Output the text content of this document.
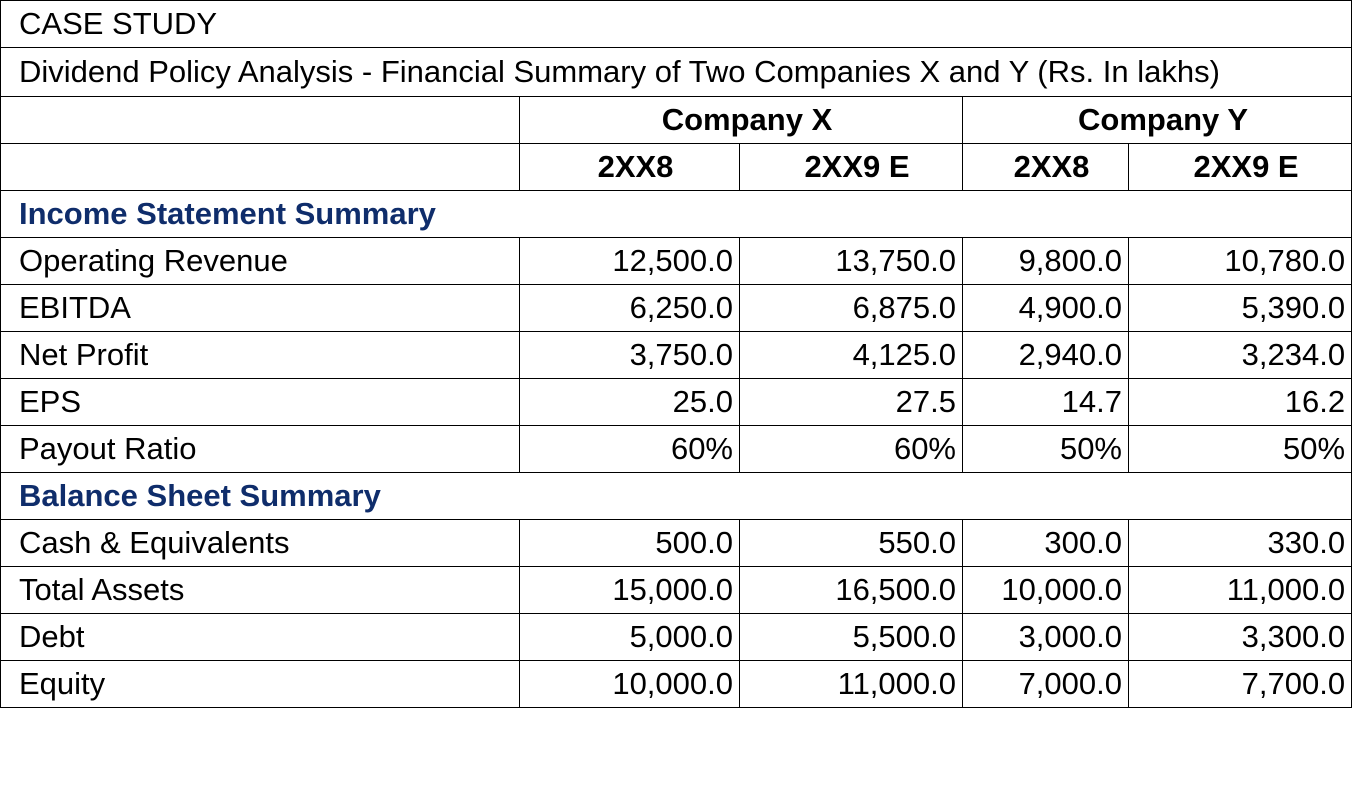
CASE STUDY				
Dividend Policy Analysis - Financial Summary of Two Companies X and Y (Rs. In lakhs)				
	Company X		Company Y	
	2XX8	2XX9 E	2XX8	2XX9 E
Income Statement Summary				
Operating Revenue	12,500.0	13,750.0	9,800.0	10,780.0
EBITDA	6,250.0	6,875.0	4,900.0	5,390.0
Net Profit	3,750.0	4,125.0	2,940.0	3,234.0
EPS	25.0	27.5	14.7	16.2
Payout Ratio	60%	60%	50%	50%
Balance Sheet Summary				
Cash & Equivalents	500.0	550.0	300.0	330.0
Total Assets	15,000.0	16,500.0	10,000.0	11,000.0
Debt	5,000.0	5,500.0	3,000.0	3,300.0
Equity	10,000.0	11,000.0	7,000.0	7,700.0
